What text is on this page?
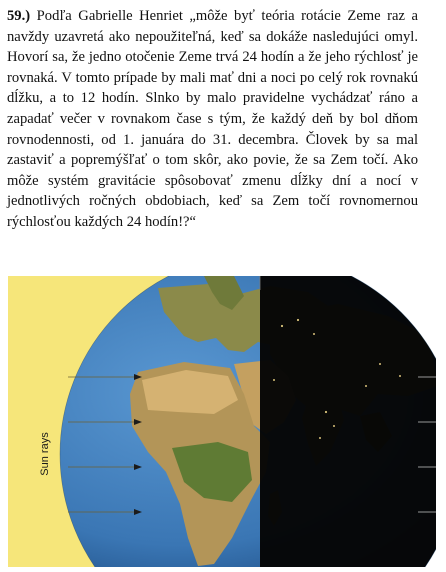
59.) Podľa Gabrielle Henriet „môže byť teória rotácie Zeme raz a navždy uzavretá ako nepoužiteľná, keď sa dokáže nasledujúci omyl. Hovorí sa, že jedno otočenie Zeme trvá 24 hodín a že jeho rýchlosť je rovnaká. V tomto prípade by mali mať dni a noci po celý rok rovnakú dĺžku, a to 12 hodín. Slnko by malo pravidelne vychádzať ráno a zapadať večer v rovnakom čase s tým, že každý deň by bol dňom rovnodennosti, od 1. januára do 31. decembra. Človek by sa mal zastaviť a popremýšľať o tom skôr, ako povie, že sa Zem točí. Ako môže systém gravitácie spôsobovať zmenu dĺžky dní a nocí v jednotlivých ročných obdobiach, keď sa Zem točí rovnomernou rýchlosťou každých 24 hodín!?“
Sun rays
